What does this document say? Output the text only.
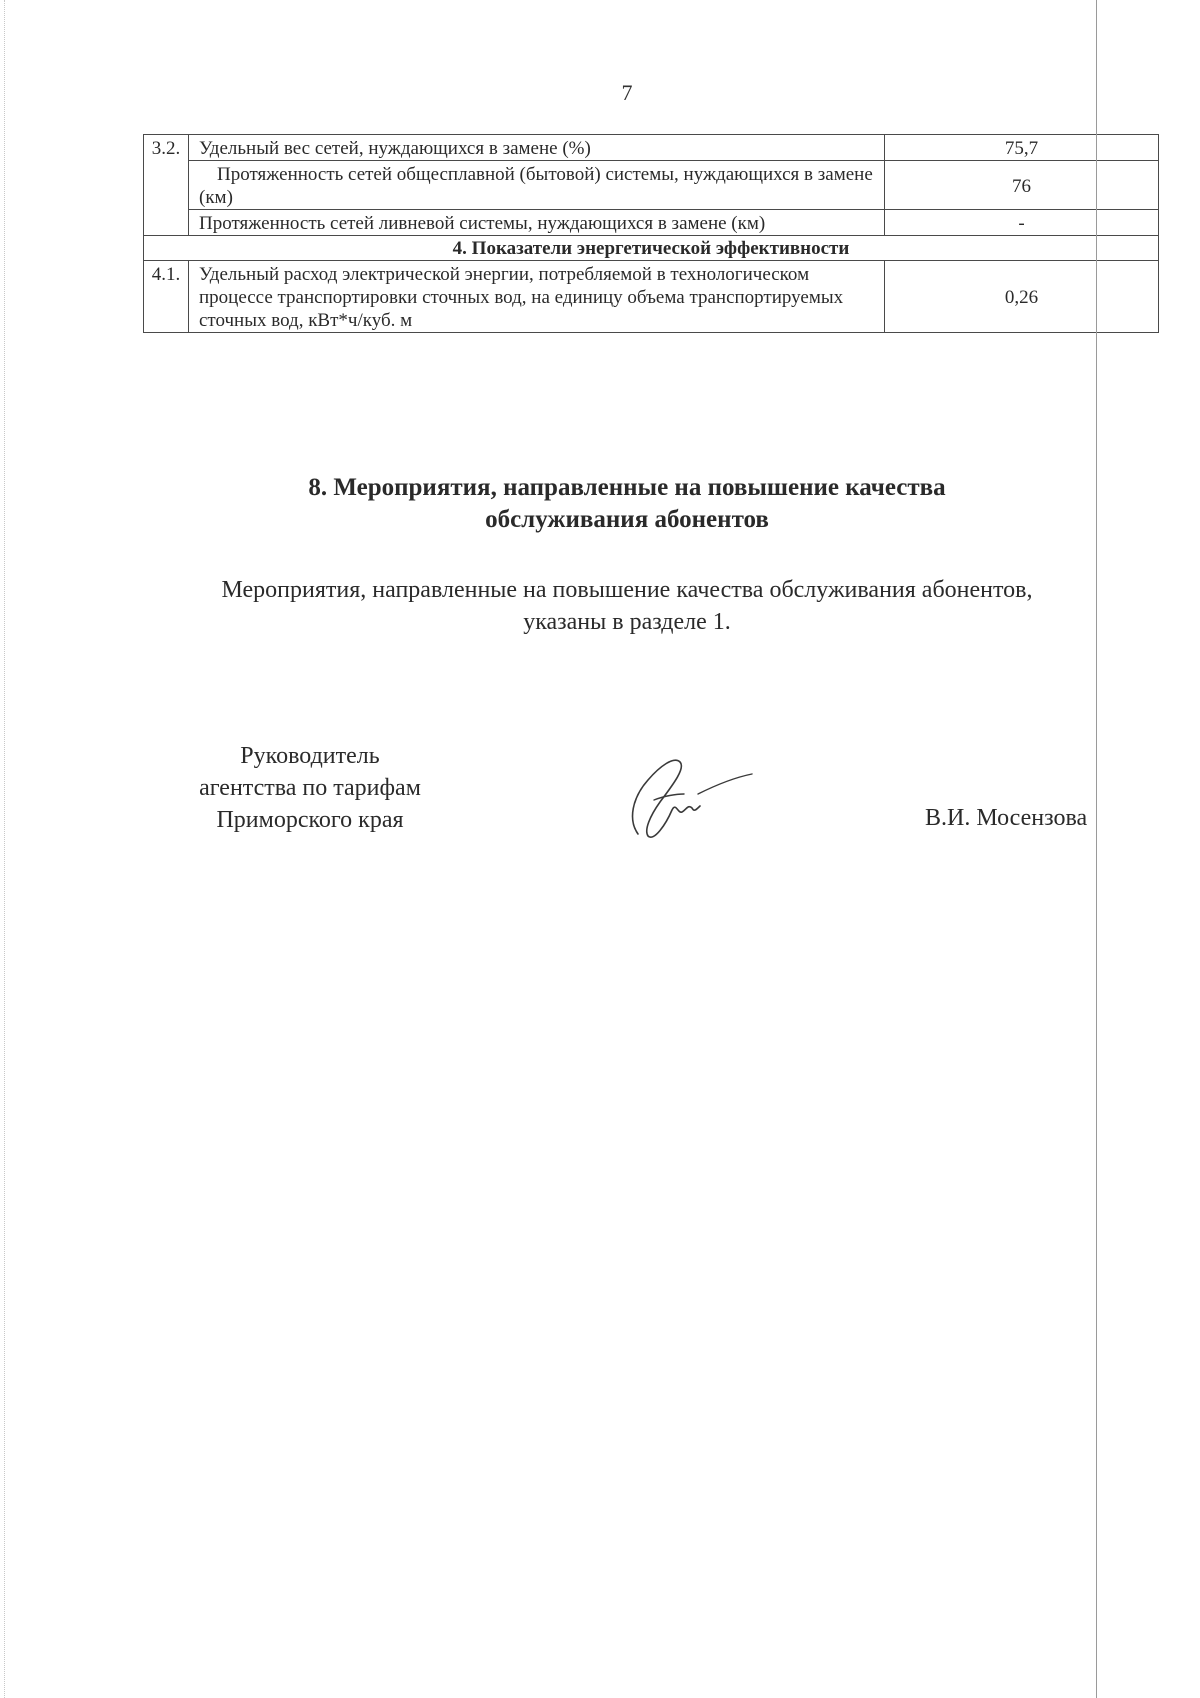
7
3.2.	Удельный вес сетей, нуждающихся в замене (%)	75,7
	Протяженность сетей общесплавной (бытовой) системы, нуждающихся в замене (км)	76
	Протяженность сетей ливневой системы, нуждающихся в замене (км)	-
4. Показатели энергетической эффективности		
4.1.	Удельный расход электрической энергии, потребляемой в технологическом процессе транспортировки сточных вод, на единицу объема транспортируемых сточных вод, кВт*ч/куб. м	0,26
8. Мероприятия, направленные на повышение качества
обслуживания абонентов

Мероприятия, направленные на повышение качества обслуживания абонентов,
указаны в разделе 1.

Руководитель
агентства по тарифам
Приморского края	В.И. Мосензова
